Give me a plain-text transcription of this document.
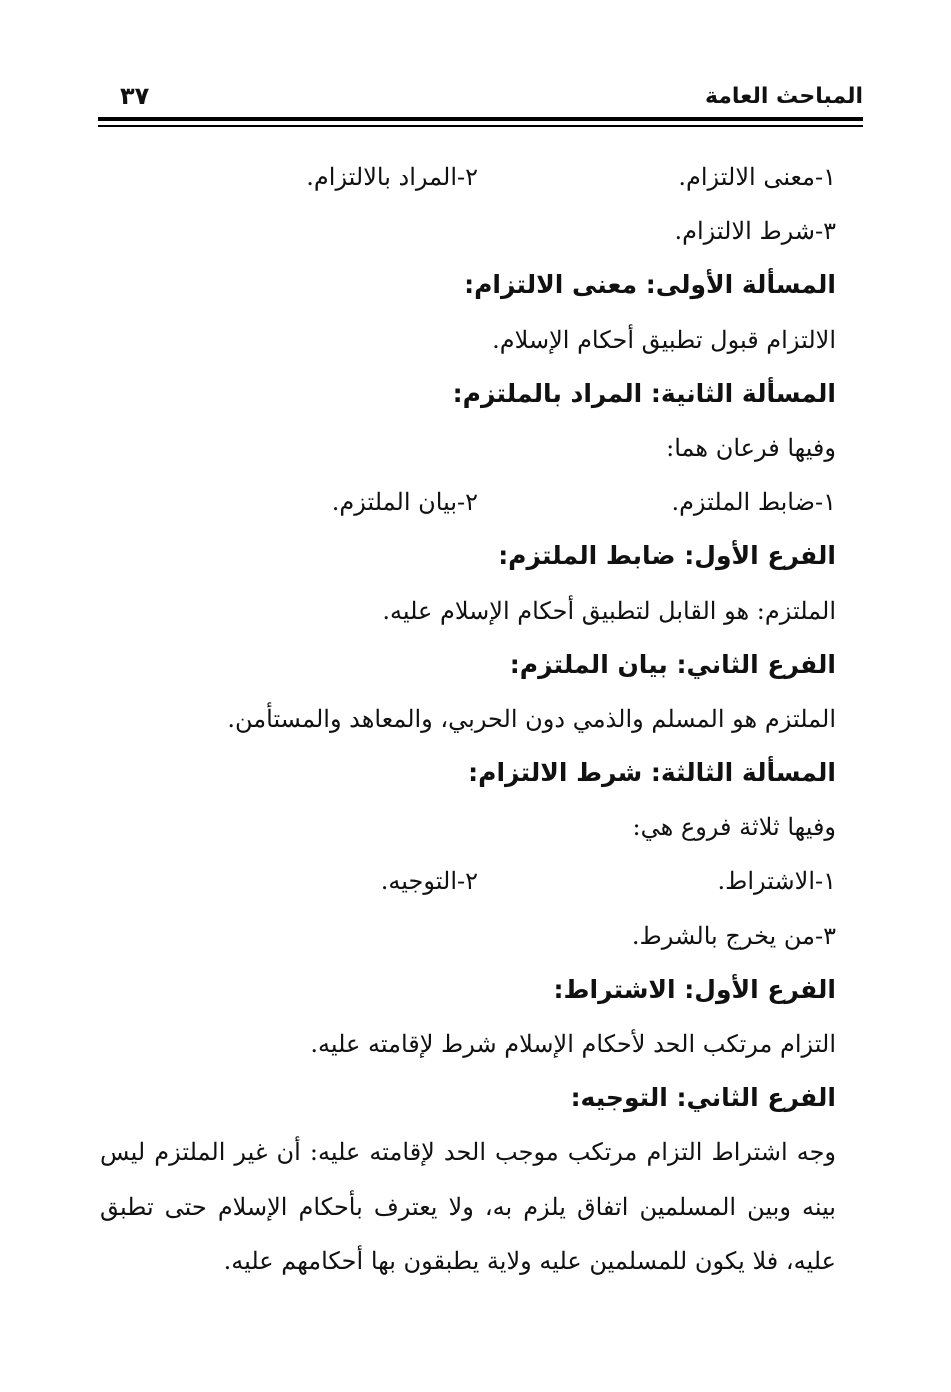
المباحث العامة
٣٧
١-معنى الالتزام.
٢-المراد بالالتزام.
٣-شرط الالتزام.
المسألة الأولى: معنى الالتزام:
الالتزام قبول تطبيق أحكام الإسلام.
المسألة الثانية: المراد بالملتزم:
وفيها فرعان هما:
١-ضابط الملتزم.
٢-بيان الملتزم.
الفرع الأول: ضابط الملتزم:
الملتزم: هو القابل لتطبيق أحكام الإسلام عليه.
الفرع الثاني: بيان الملتزم:
الملتزم هو المسلم والذمي دون الحربي، والمعاهد والمستأمن.
المسألة الثالثة: شرط الالتزام:
وفيها ثلاثة فروع هي:
١-الاشتراط.
٢-التوجيه.
٣-من يخرج بالشرط.
الفرع الأول: الاشتراط:
التزام مرتكب الحد لأحكام الإسلام شرط لإقامته عليه.
الفرع الثاني: التوجيه:
وجه اشتراط التزام مرتكب موجب الحد لإقامته عليه: أن غير الملتزم ليس بينه وبين المسلمين اتفاق يلزم به، ولا يعترف بأحكام الإسلام حتى تطبق عليه، فلا يكون للمسلمين عليه ولاية يطبقون بها أحكامهم عليه.
